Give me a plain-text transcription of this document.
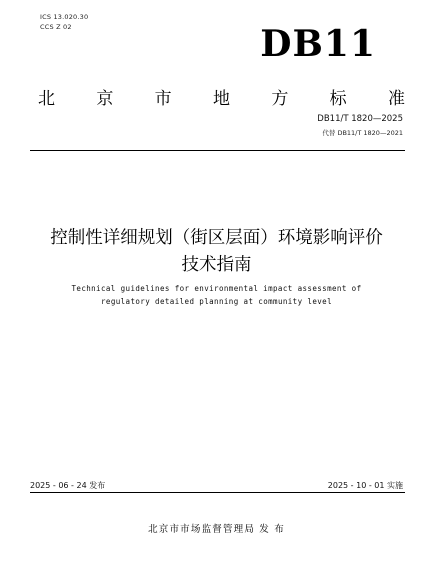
ICS 13.020.30
CCS Z 02	DB11
北 京 市 地 方 标 准
DB11/T 1820—2025
代替 DB11/T 1820—2021
控制性详细规划（街区层面）环境影响评价
技术指南
Technical guidelines for environmental impact assessment of
regulatory detailed planning at community level
2025 - 06 - 24 发布	2025 - 10 - 01 实施
北京市市场监督管理局 发 布
